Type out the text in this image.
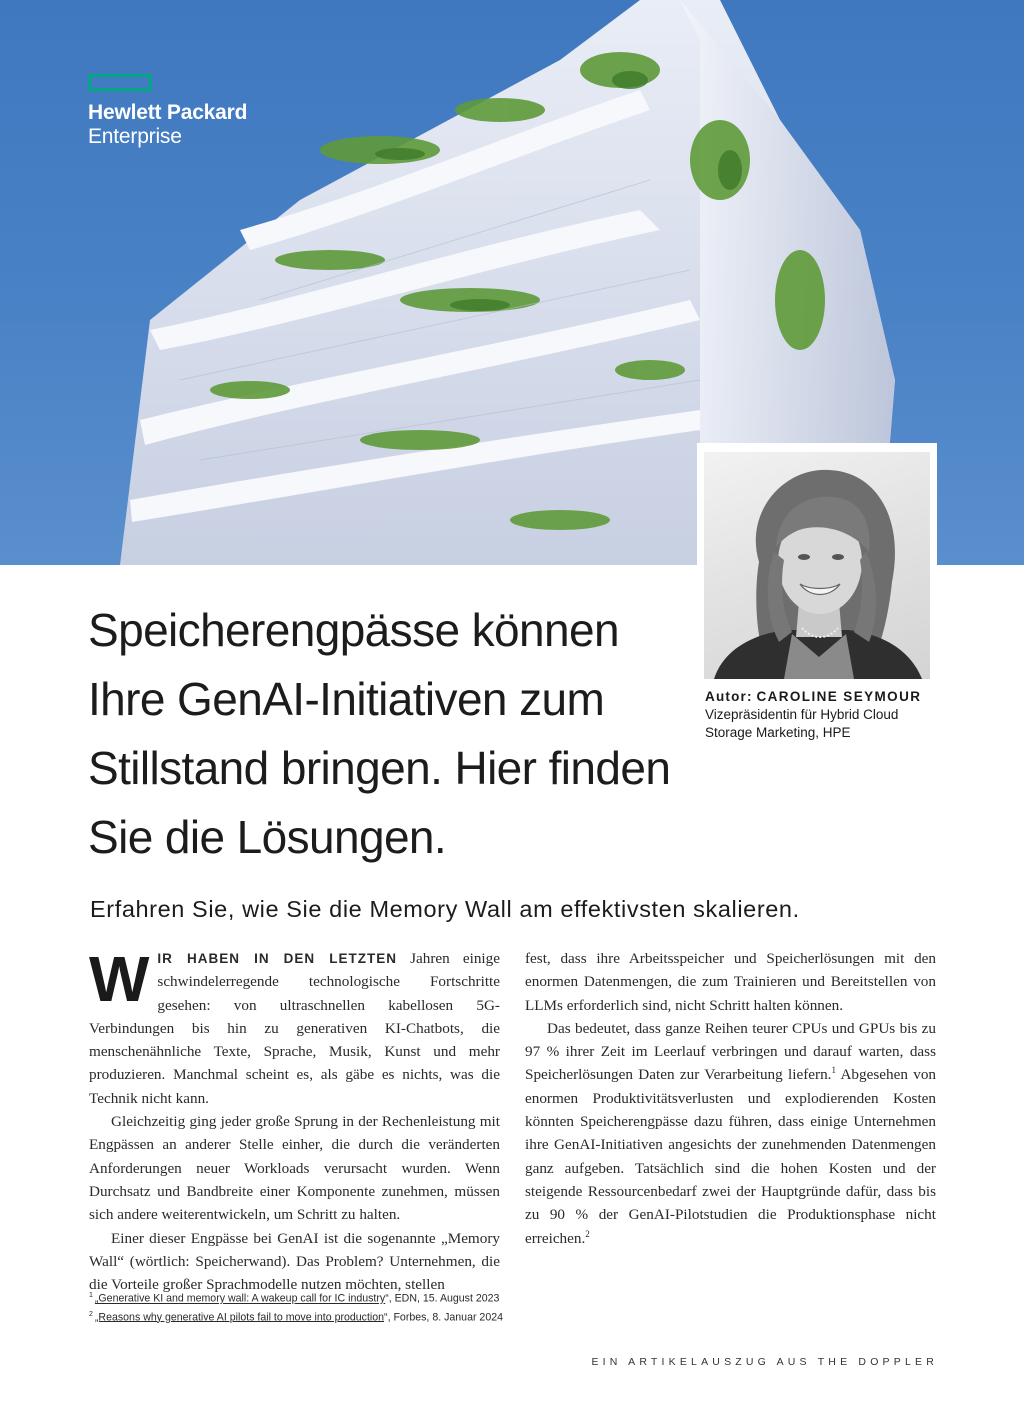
Hewlett Packard
Enterprise
Autor: CAROLINE SEYMOUR
Vizepräsidentin für Hybrid Cloud
Storage Marketing, HPE
Speicherengpässe können Ihre GenAI-Initiativen zum Stillstand bringen. Hier finden Sie die Lösungen.
Erfahren Sie, wie Sie die Memory Wall am effektivsten skalieren.

WIR HABEN IN DEN LETZTEN Jahren einige schwindelerregende technologische Fortschritte gesehen: von ultraschnellen kabellosen 5G-Verbindungen bis hin zu generativen KI-Chatbots, die menschenähnliche Texte, Sprache, Musik, Kunst und mehr produzieren. Manchmal scheint es, als gäbe es nichts, was die Technik nicht kann.

Gleichzeitig ging jeder große Sprung in der Rechenleistung mit Engpässen an anderer Stelle einher, die durch die veränderten Anforderungen neuer Workloads verursacht wurden. Wenn Durchsatz und Bandbreite einer Komponente zunehmen, müssen sich andere weiterentwickeln, um Schritt zu halten.

Einer dieser Engpässe bei GenAI ist die sogenannte „Memory Wall“ (wörtlich: Speicherwand). Das Problem? Unternehmen, die die Vorteile großer Sprachmodelle nutzen möchten, stellen

fest, dass ihre Arbeitsspeicher und Speicherlösungen mit den enormen Datenmengen, die zum Trainieren und Bereitstellen von LLMs erforderlich sind, nicht Schritt halten können.

Das bedeutet, dass ganze Reihen teurer CPUs und GPUs bis zu 97 % ihrer Zeit im Leerlauf verbringen und darauf warten, dass Speicherlösungen Daten zur Verarbeitung liefern.$^1$ Abgesehen von enormen Produktivitätsverlusten und explodierenden Kosten könnten Speicherengpässe dazu führen, dass einige Unternehmen ihre GenAI-Initiativen angesichts der zunehmenden Datenmengen ganz aufgeben. Tatsächlich sind die hohen Kosten und der steigende Ressourcenbedarf zwei der Hauptgründe dafür, dass bis zu 90 % der GenAI-Pilotstudien die Produktionsphase nicht erreichen.$^2$

$^1$ „Generative KI and memory wall: A wakeup call for IC industry“, EDN, 15. August 2023
$^2$ „Reasons why generative AI pilots fail to move into production“, Forbes, 8. Januar 2024
EIN ARTIKELAUSZUG AUS THE DOPPLER
